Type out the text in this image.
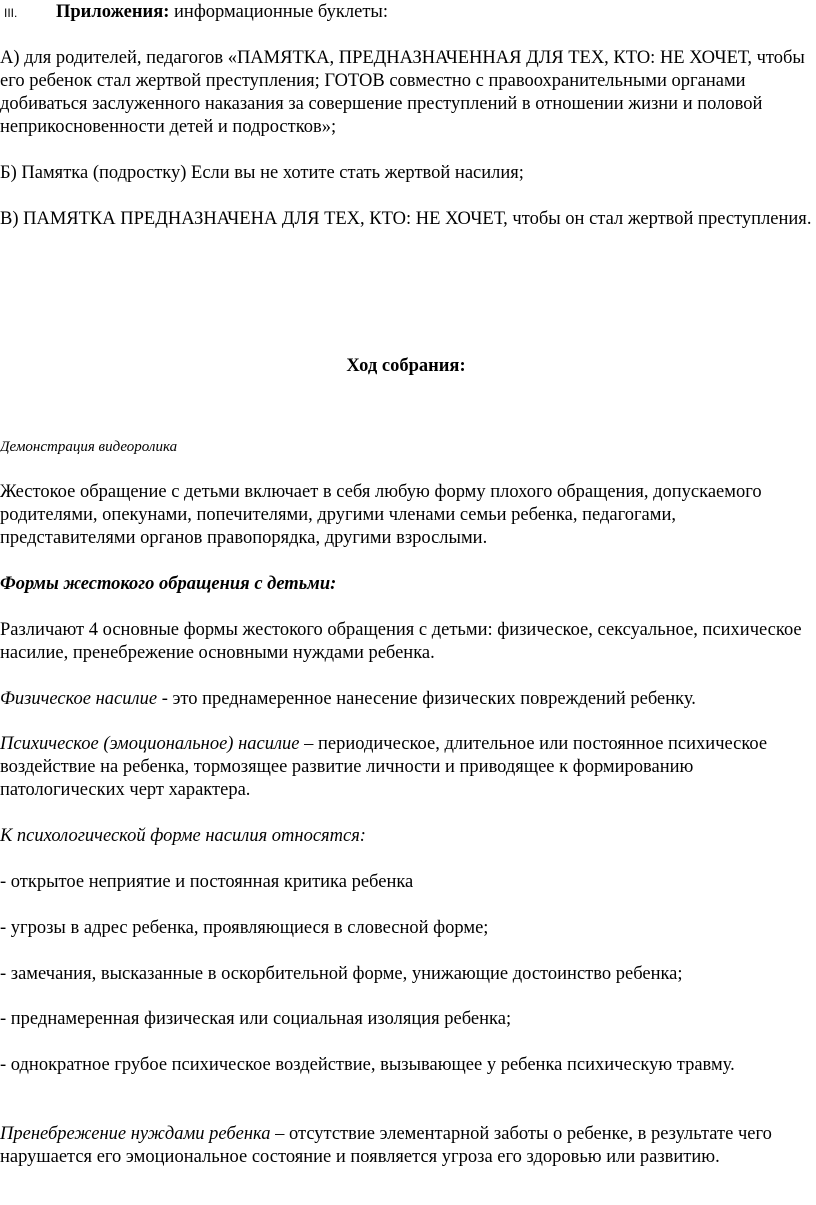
III. Приложения: информационные буклеты:

А) для родителей, педагогов «ПАМЯТКА, ПРЕДНАЗНАЧЕННАЯ ДЛЯ ТЕХ, КТО: НЕ ХОЧЕТ, чтобы его ребенок стал жертвой преступления; ГОТОВ совместно с правоохранительными органами добиваться заслуженного наказания за совершение преступлений в отношении жизни и половой неприкосновенности детей и подростков»;

Б) Памятка (подростку) Если вы не хотите стать жертвой насилия;

В) ПАМЯТКА ПРЕДНАЗНАЧЕНА ДЛЯ ТЕХ, КТО: НЕ ХОЧЕТ, чтобы он стал жертвой преступления.

Ход собрания:

Демонстрация видеоролика

Жестокое обращение с детьми включает в себя любую форму плохого обращения, допускаемого родителями, опекунами, попечителями, другими членами семьи ребенка, педагогами, представителями органов правопорядка, другими взрослыми.

Формы жестокого обращения с детьми:

Различают 4 основные формы жестокого обращения с детьми: физическое, сексуальное, психическое насилие, пренебрежение основными нуждами ребенка.

Физическое насилие - это преднамеренное нанесение физических повреждений ребенку.

Психическое (эмоциональное) насилие – периодическое, длительное или постоянное психическое воздействие на ребенка, тормозящее развитие личности и приводящее к формированию патологических черт характера.

К психологической форме насилия относятся:

- открытое неприятие и постоянная критика ребенка

- угрозы в адрес ребенка, проявляющиеся в словесной форме;

- замечания, высказанные в оскорбительной форме, унижающие достоинство ребенка;

- преднамеренная физическая или социальная изоляция ребенка;

- однократное грубое психическое воздействие, вызывающее у ребенка психическую травму.

Пренебрежение нуждами ребенка – отсутствие элементарной заботы о ребенке, в результате чего нарушается его эмоциональное состояние и появляется угроза его здоровью или развитию.
